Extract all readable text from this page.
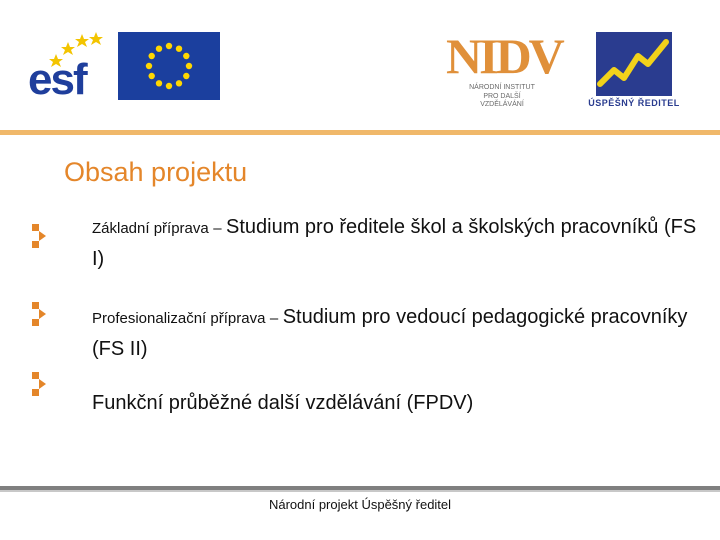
esf	NIDV
NÁRODNÍ INSTITUT
PRO DALŠÍ
VZDĚLÁVÁNÍ	ÚSPĚŠNÝ ŘEDITEL
Obsah projektu
Základní příprava – Studium pro ředitele škol a školských pracovníků (FS I)
Profesionalizační příprava – Studium pro vedoucí pedagogické pracovníky (FS II)
Funkční průběžné další vzdělávání (FPDV)
Národní projekt Úspěšný ředitel
